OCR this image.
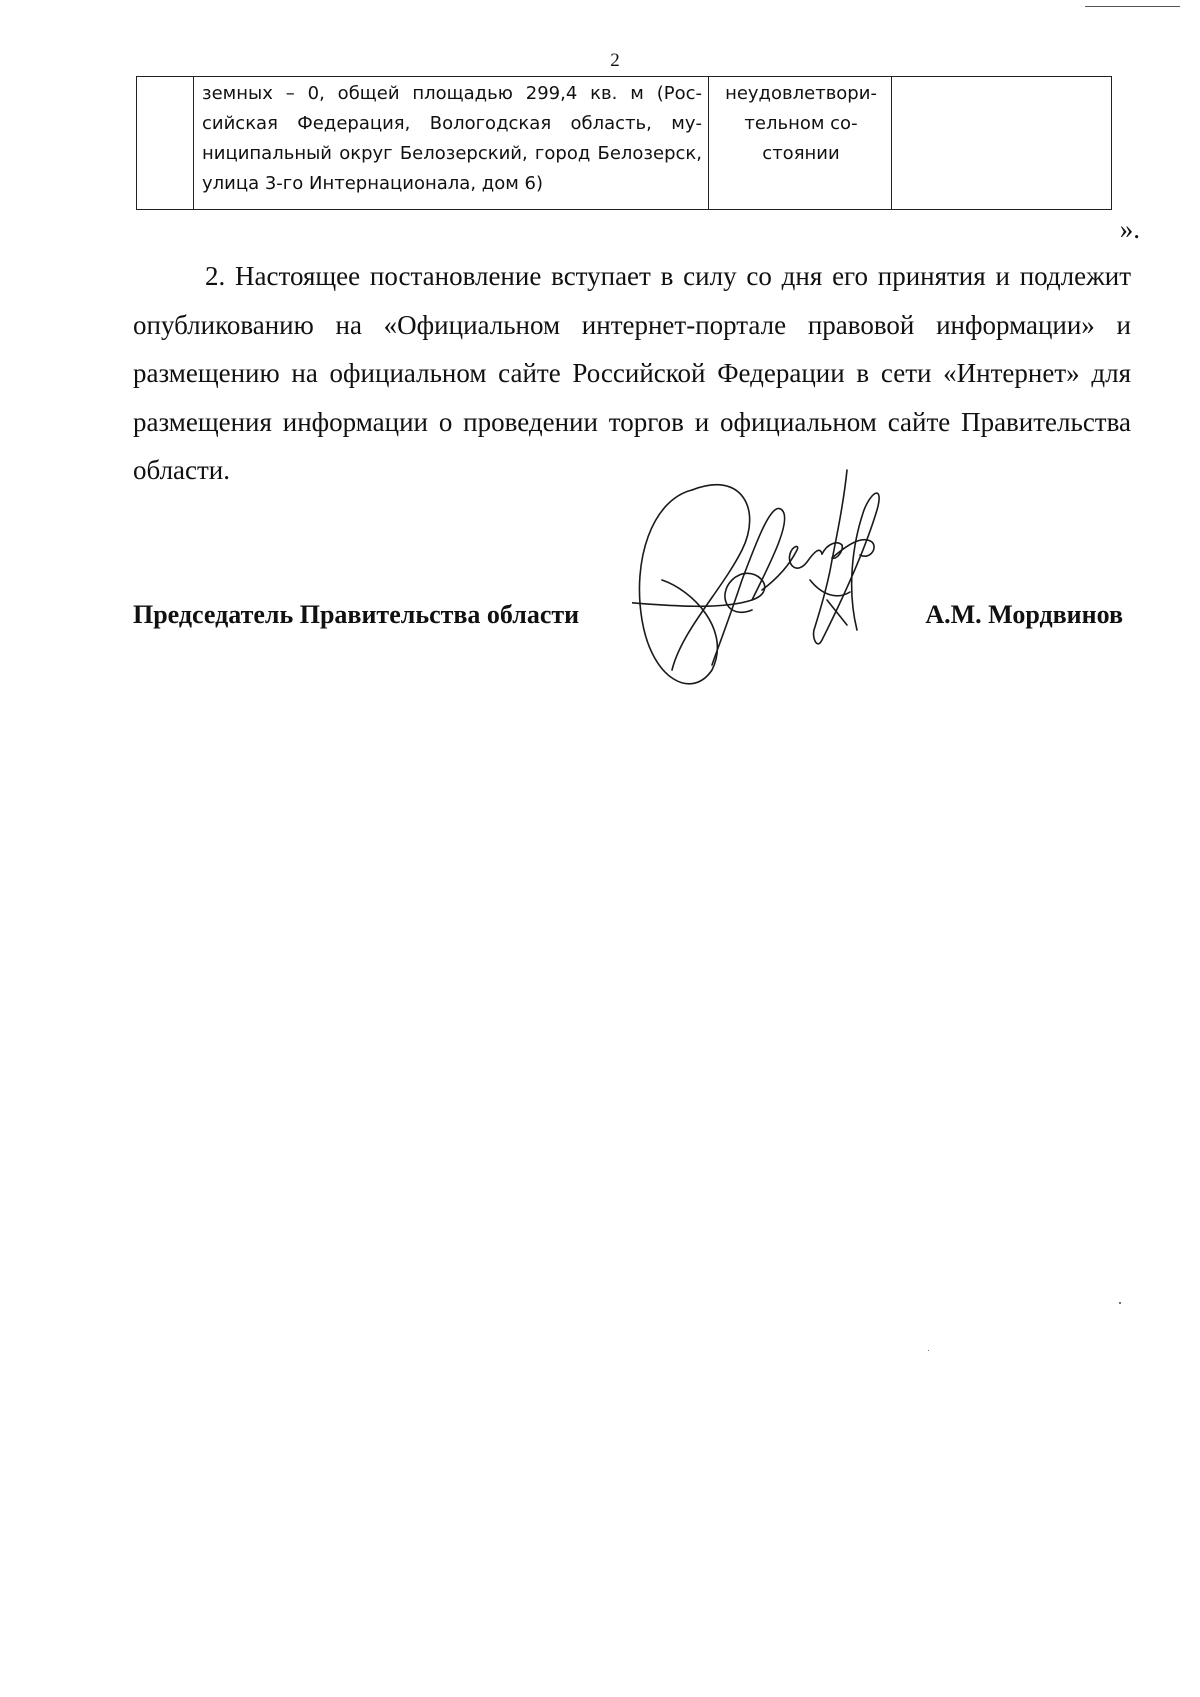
2
	земных – 0, общей площадью 299,4 кв. м (Российская Федерация, Вологодская область, муниципальный округ Белозерский, город Белозерск, улица 3-го Интернационала, дом 6)	неудовлетворительном состоянии	
».

2. Настоящее постановление вступает в силу со дня его принятия и подлежит опубликованию на «Официальном интернет-портале правовой информации» и размещению на официальном сайте Российской Федерации в сети «Интернет» для размещения информации о проведении торгов и официальном сайте Правительства области.

Председатель Правительства области	А.М. Мордвинов
